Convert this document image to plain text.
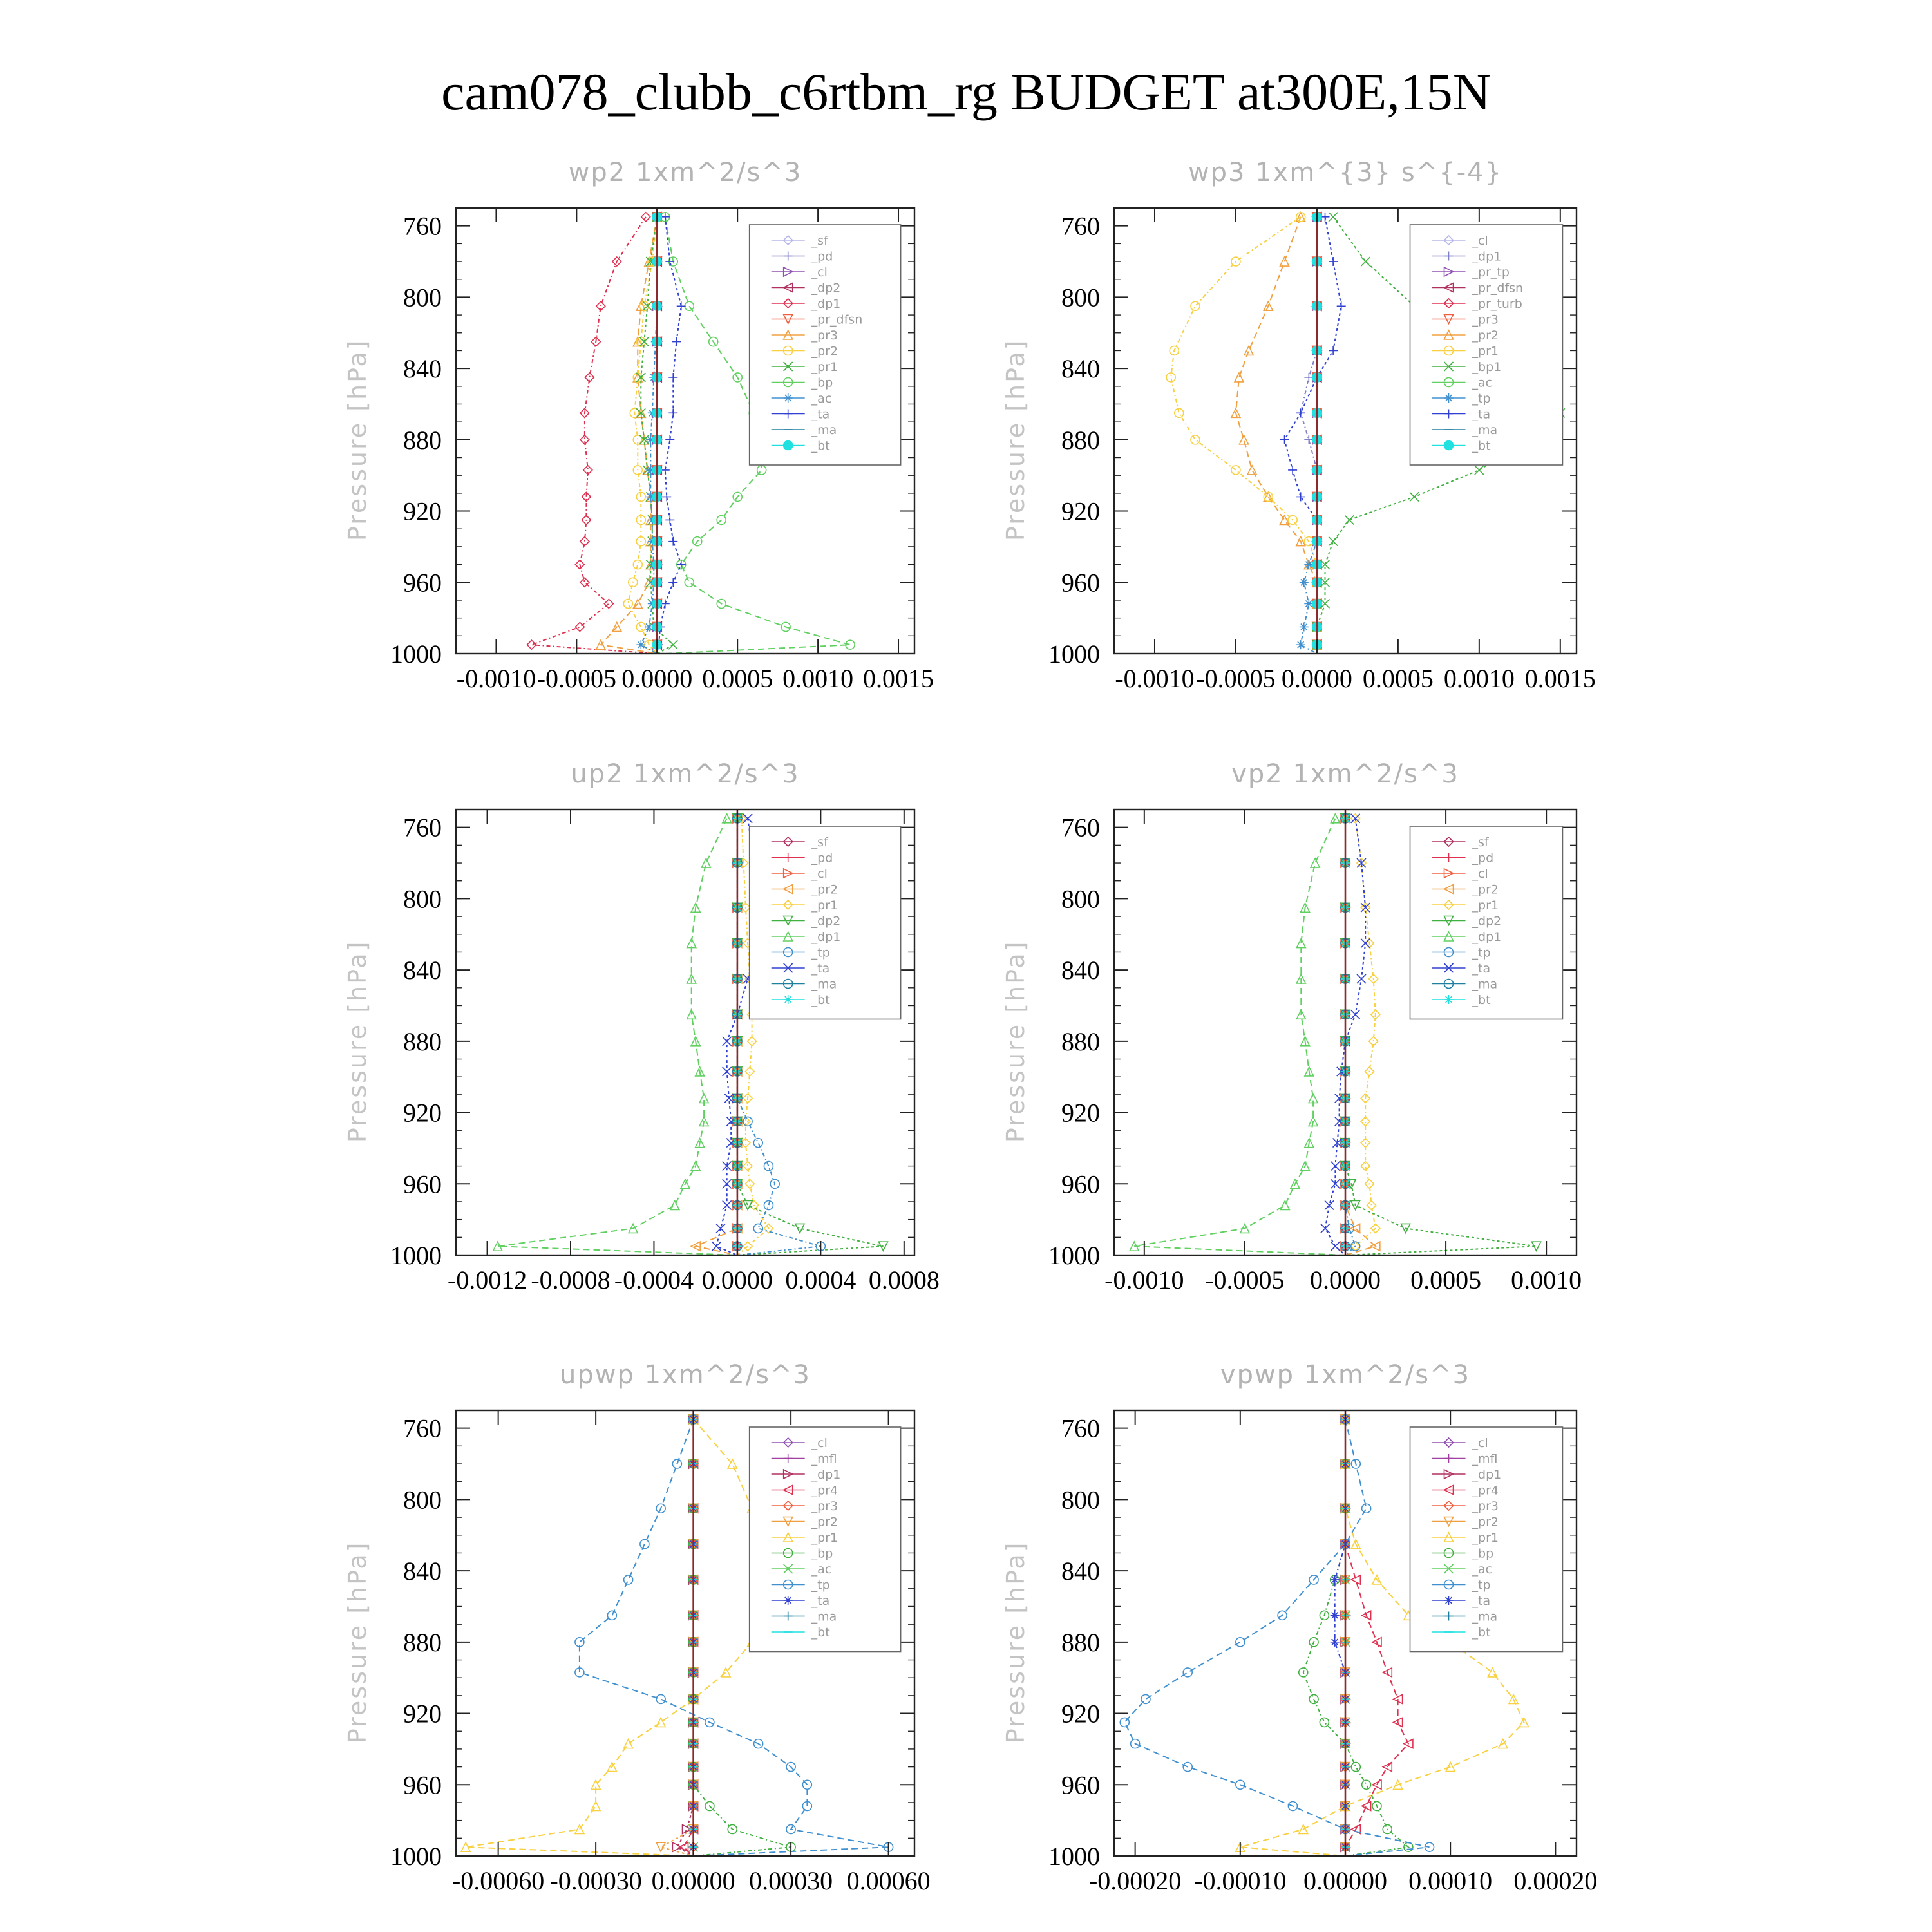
cam078_clubb_c6rtbm_rg BUDGET at300E,15N
wp2 1xm^2/s^3
Pressure [hPa]
760
800
840
880
920
960
1000
-0.0010 -0.0005 0.0000 0.0005 0.0010 0.0015
_sf
_pd
_cl
_dp2
_dp1
_pr_dfsn
_pr3
_pr2
_pr1
_bp
_ac
_ta
_ma
_bt
wp3 1xm^{3} s^{-4}
Pressure [hPa]
760
800
840
880
920
960
1000
-0.0010 -0.0005 0.0000 0.0005 0.0010 0.0015
_cl
_dp1
_pr_tp
_pr_dfsn
_pr_turb
_pr3
_pr2
_pr1
_bp1
_ac
_tp
_ta
_ma
_bt
up2 1xm^2/s^3
Pressure [hPa]
760
800
840
880
920
960
1000
-0.0012 -0.0008 -0.0004 0.0000 0.0004 0.0008
_sf
_pd
_cl
_pr2
_pr1
_dp2
_dp1
_tp
_ta
_ma
_bt
vp2 1xm^2/s^3
Pressure [hPa]
760
800
840
880
920
960
1000
-0.0010 -0.0005 0.0000 0.0005 0.0010
_sf
_pd
_cl
_pr2
_pr1
_dp2
_dp1
_tp
_ta
_ma
_bt
upwp 1xm^2/s^3
Pressure [hPa]
760
800
840
880
920
960
1000
-0.00060 -0.00030 0.00000 0.00030 0.00060
_cl
_mfl
_dp1
_pr4
_pr3
_pr2
_pr1
_bp
_ac
_tp
_ta
_ma
_bt
vpwp 1xm^2/s^3
Pressure [hPa]
760
800
840
880
920
960
1000
-0.00020 -0.00010 0.00000 0.00010 0.00020
_cl
_mfl
_dp1
_pr4
_pr3
_pr2
_pr1
_bp
_ac
_tp
_ta
_ma
_bt
